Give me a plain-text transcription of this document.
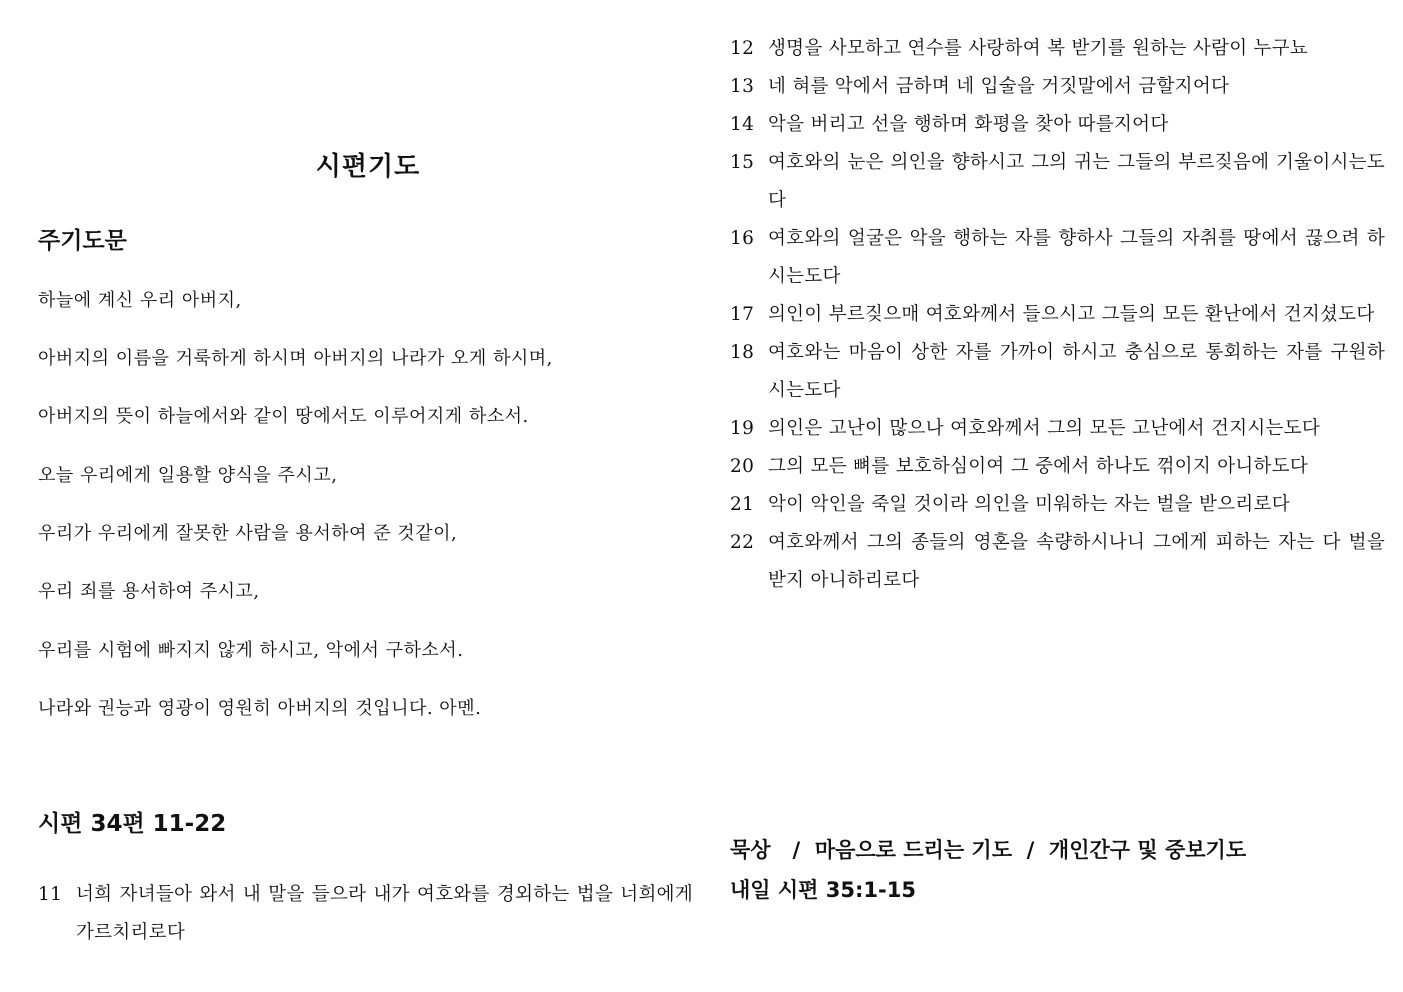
시편기도
주기도문
하늘에 계신 우리 아버지,
아버지의 이름을 거룩하게 하시며 아버지의 나라가 오게 하시며,
아버지의 뜻이 하늘에서와 같이 땅에서도 이루어지게 하소서.
오늘 우리에게 일용할 양식을 주시고,
우리가 우리에게 잘못한 사람을 용서하여 준 것같이,
우리 죄를 용서하여 주시고,
우리를 시험에 빠지지 않게 하시고, 악에서 구하소서.
나라와 권능과 영광이 영원히 아버지의 것입니다. 아멘.
시편 34편 11-22
11 너희 자녀들아 와서 내 말을 들으라 내가 여호와를 경외하는 법을 너희에게 가르치리로다
12 생명을 사모하고 연수를 사랑하여 복 받기를 원하는 사람이 누구뇨
13 네 혀를 악에서 금하며 네 입술을 거짓말에서 금할지어다
14 악을 버리고 선을 행하며 화평을 찾아 따를지어다
15 여호와의 눈은 의인을 향하시고 그의 귀는 그들의 부르짖음에 기울이시는도다
16 여호와의 얼굴은 악을 행하는 자를 향하사 그들의 자취를 땅에서 끊으려 하시는도다
17 의인이 부르짖으매 여호와께서 들으시고 그들의 모든 환난에서 건지셨도다
18 여호와는 마음이 상한 자를 가까이 하시고 충심으로 통회하는 자를 구원하시는도다
19 의인은 고난이 많으나 여호와께서 그의 모든 고난에서 건지시는도다
20 그의 모든 뼈를 보호하심이여 그 중에서 하나도 꺾이지 아니하도다
21 악이 악인을 죽일 것이라 의인을 미워하는 자는 벌을 받으리로다
22 여호와께서 그의 종들의 영혼을 속량하시나니 그에게 피하는 자는 다 벌을 받지 아니하리로다
묵상   /  마음으로 드리는 기도  /  개인간구 및 중보기도
내일 시편 35:1-15
